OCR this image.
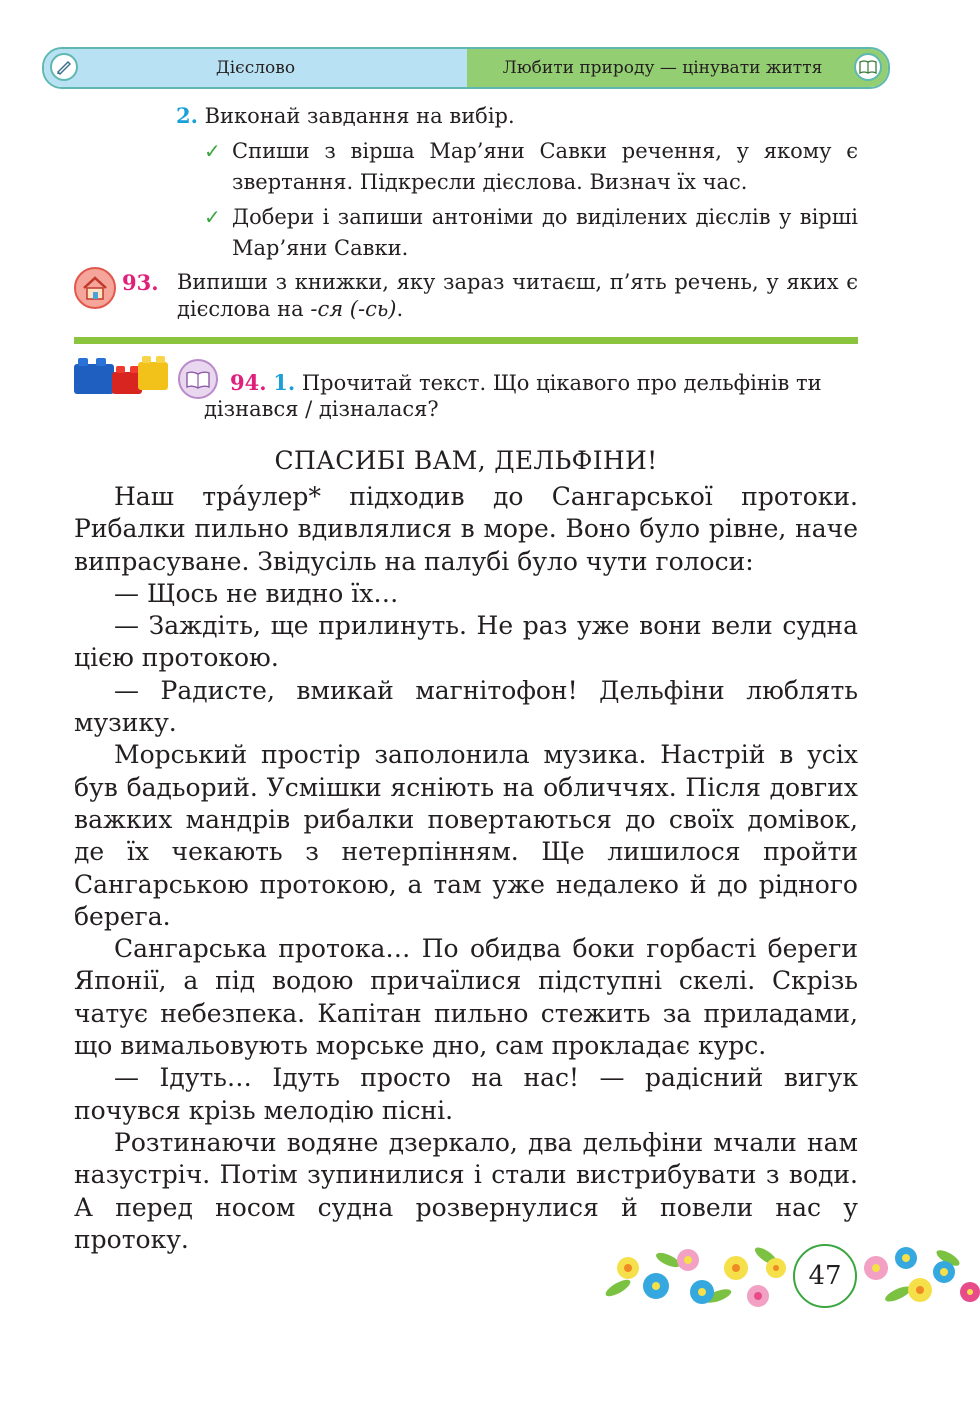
Дієслово	Любити природу — цінувати життя
2. Виконай завдання на вибір.
✓ Спиши з вірша Мар’яни Савки речення, у якому є звертання. Підкресли дієслова. Визнач їх час.
✓ Добери і запиши антоніми до виділених дієслів у вірші Мар’яни Савки.
93. Випиши з книжки, яку зараз читаєш, п’ять речень, у яких є дієслова на -ся (-сь).
94. 1. Прочитай текст. Що цікавого про дельфінів ти
дізнався / дізналася?
СПАСИБІ ВАМ, ДЕЛЬФІНИ!

Наш тра́улер* підходив до Сангарської протоки. Рибалки пильно вдивлялися в море. Воно було рівне, наче випрасуване. Звідусіль на палубі було чути голоси:

— Щось не видно їх…

— Заждіть, ще прилинуть. Не раз уже вони вели судна цією протокою.

— Радисте, вмикай магнітофон! Дельфіни люблять музику.

Морський простір заполонила музика. Настрій в усіх був бадьорий. Усмішки яснiють на обличчях. Після довгих важких мандрів рибалки повертаються до своїх домівок, де їх чекають з нетерпінням. Ще лишилося пройти Сангарською протокою, а там уже недалеко й до рідного берега.

Сангарська протока… По обидва боки горбасті береги Японії, а під водою причаїлися підступні скелі. Скрізь чатує небезпека. Капітан пильно стежить за приладами, що вимальовують морське дно, сам прокладає курс.

— Ідуть… Ідуть просто на нас! — радісний вигук почувся крізь мелодію пісні.

Розтинаючи водяне дзеркало, два дельфіни мчали нам назустріч. Потім зупинилися і стали вистрибувати з води. А перед носом судна розвернулися й повели нас у протоку.

47
